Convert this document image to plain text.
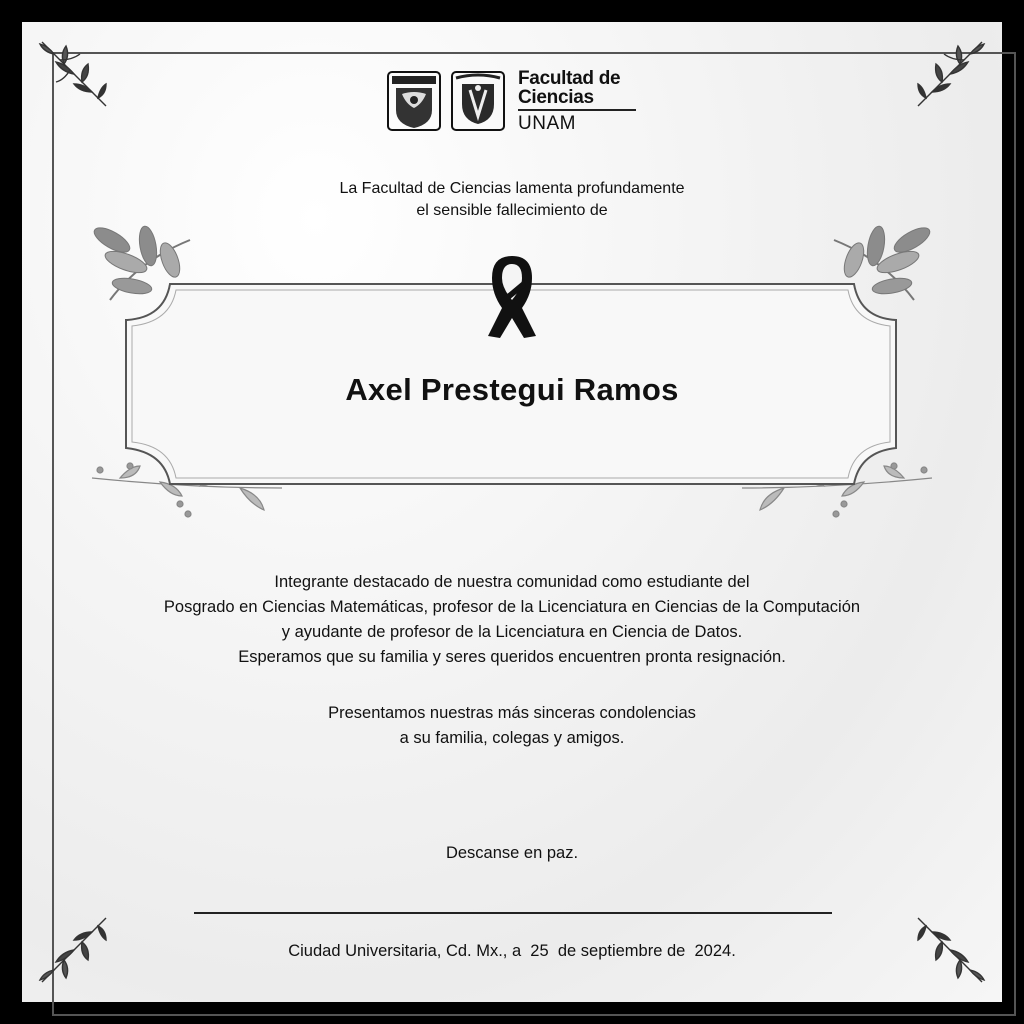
Facultad de
Ciencias
UNAM
La Facultad de Ciencias lamenta profundamente
el sensible fallecimiento de
Axel Prestegui Ramos
Integrante destacado de nuestra comunidad como estudiante del
Posgrado en Ciencias Matemáticas, profesor de la Licenciatura en Ciencias de la Computación
y ayudante de profesor de la Licenciatura en Ciencia de Datos.
Esperamos que su familia y seres queridos encuentren pronta resignación.
Presentamos nuestras más sinceras condolencias
a su familia, colegas y amigos.
Descanse en paz.
Ciudad Universitaria, Cd. Mx., a  25  de septiembre de  2024.
